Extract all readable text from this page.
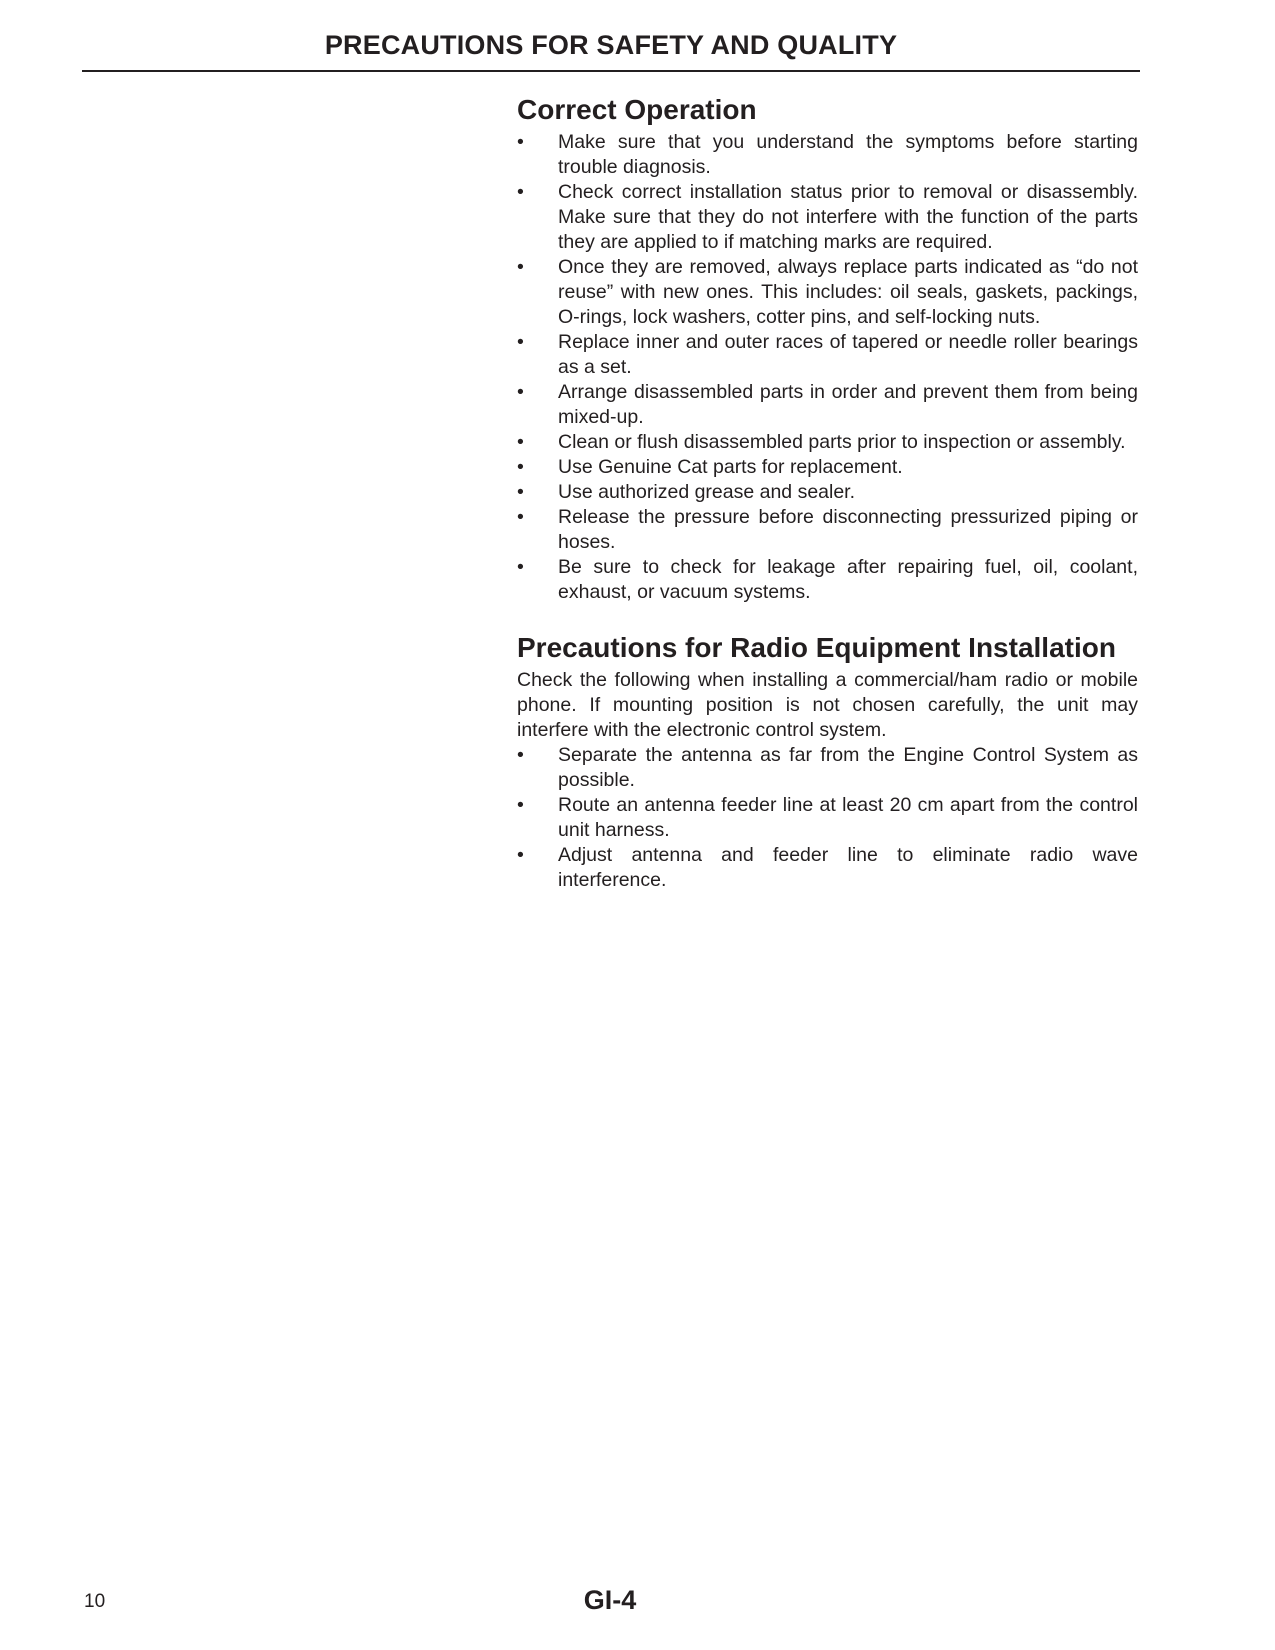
PRECAUTIONS FOR SAFETY AND QUALITY
Correct Operation
•	Make sure that you understand the symptoms before starting trouble diagnosis.
•	Check correct installation status prior to removal or disassembly. Make sure that they do not interfere with the function of the parts they are applied to if matching marks are required.
•	Once they are removed, always replace parts indicated as “do not reuse” with new ones. This includes: oil seals, gaskets, packings, O-rings, lock washers, cotter pins, and self-locking nuts.
•	Replace inner and outer races of tapered or needle roller bearings as a set.
•	Arrange disassembled parts in order and prevent them from being mixed-up.
•	Clean or flush disassembled parts prior to inspection or assembly.
•	Use Genuine Cat parts for replacement.
•	Use authorized grease and sealer.
•	Release the pressure before disconnecting pressurized piping or hoses.
•	Be sure to check for leakage after repairing fuel, oil, coolant, exhaust, or vacuum systems.
Precautions for Radio Equipment Installation

Check the following when installing a commercial/ham radio or mobile phone. If mounting position is not chosen carefully, the unit may interfere with the electronic control system.

•	Separate the antenna as far from the Engine Control System as possible.
•	Route an antenna feeder line at least 20 cm apart from the control unit harness.
•	Adjust antenna and feeder line to eliminate radio wave interference.
10	GI-4
